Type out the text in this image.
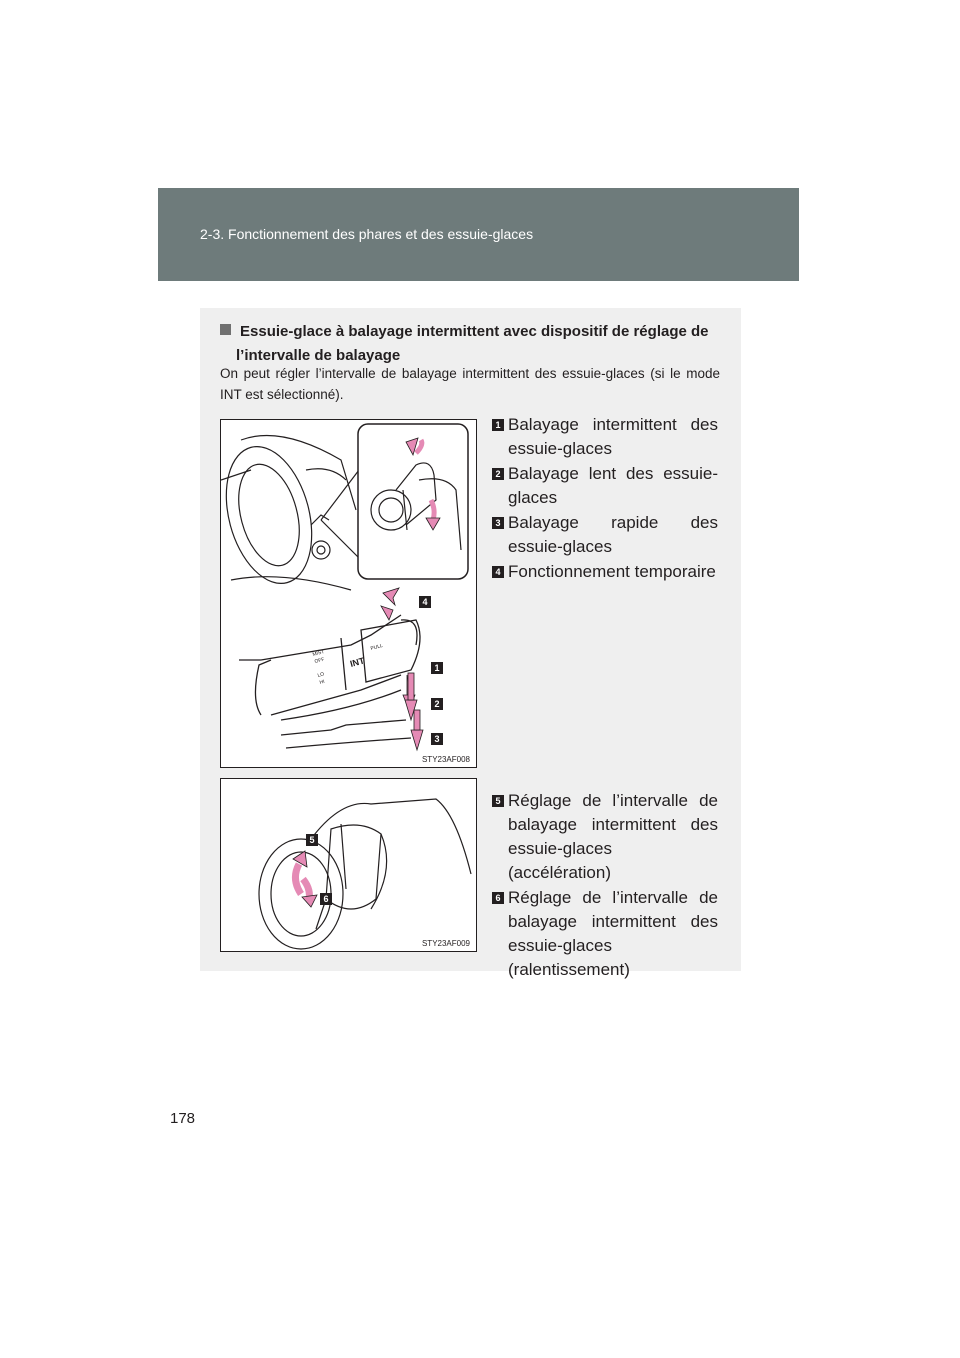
2-3. Fonctionnement des phares et des essuie-glaces
Essuie-glace à balayage intermittent avec dispositif de réglage de
l’intervalle de balayage
On peut régler l’intervalle de balayage intermittent des essuie-glaces (si le mode INT est sélectionné).
INT
PULL
MIST
OFF
LO
HI
STY23AF008
4
1
2
3
1 Balayage intermittent des essuie-glaces
2 Balayage lent des essuie-glaces
3 Balayage rapide des essuie-glaces
4 Fonctionnement temporaire
STY23AF009
5
6
5 Réglage de l’intervalle de balayage intermittent des essuie-glaces (accélération)
6 Réglage de l’intervalle de balayage intermittent des essuie-glaces (ralentissement)
178
